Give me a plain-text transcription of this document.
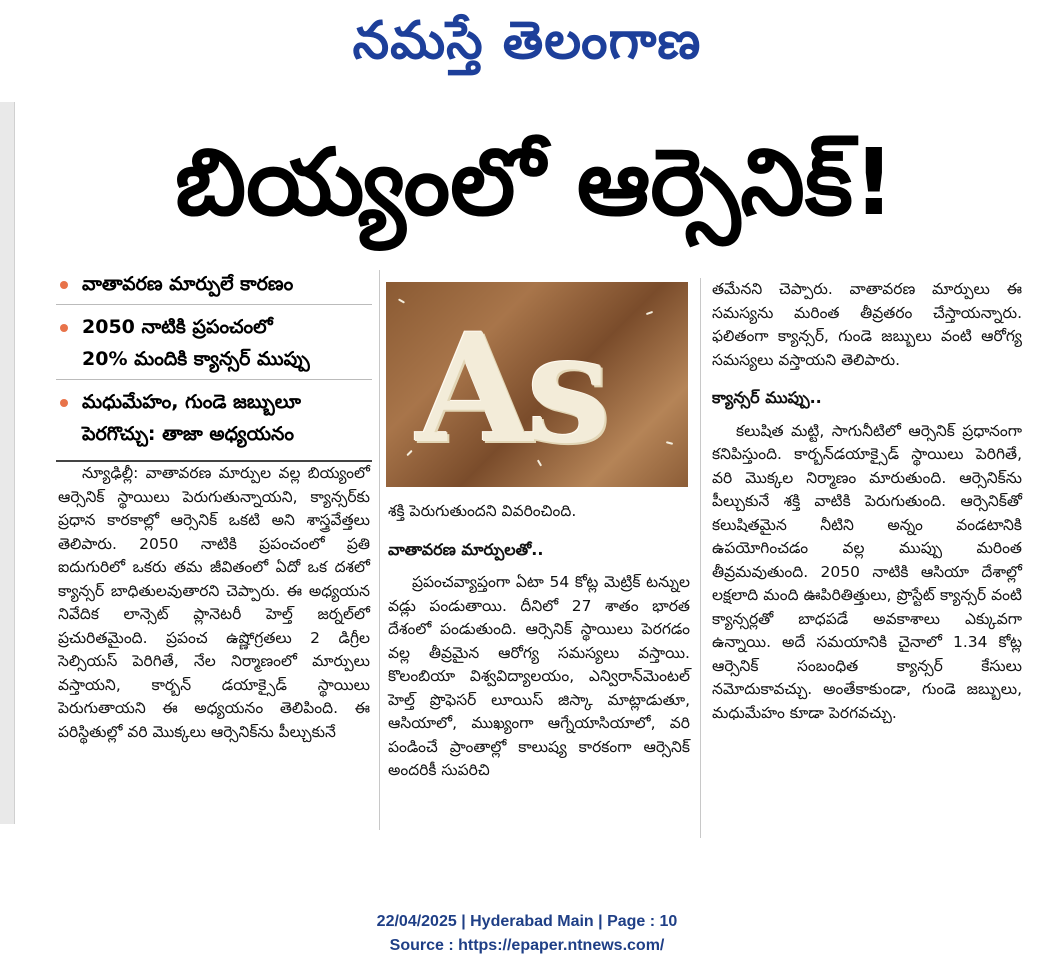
నమస్తే తెలంగాణ
బియ్యంలో ఆర్సెనిక్‌!
వాతావరణ మార్పులే కారణం
2050 నాటికి ప్రపంచంలో
20% మందికి క్యాన్సర్‌ ముప్పు
మధుమేహం, గుండె జబ్బులూ
పెరగొచ్చు: తాజా అధ్యయనం
న్యూఢిల్లీ: వాతావరణ మార్పుల వల్ల బియ్యంలో ఆర్సెనిక్‌ స్థాయిలు పెరుగుతున్నాయని, క్యాన్సర్‌కు ప్రధాన కారకాల్లో ఆర్సెనిక్‌ ఒకటి అని శాస్త్రవేత్తలు తెలిపారు. 2050 నాటికి ప్రపంచంలో ప్రతి ఐదుగురిలో ఒకరు తమ జీవితంలో ఏదో ఒక దశలో క్యాన్సర్‌ బాధితులవుతారని చెప్పారు. ఈ అధ్యయన నివేదిక లాన్సెట్‌ ప్లానెటరీ హెల్త్‌ జర్నల్‌లో ప్రచురితమైంది. ప్రపంచ ఉష్ణోగ్రతలు 2 డిగ్రీల సెల్సియస్‌ పెరిగితే, నేల నిర్మాణంలో మార్పులు వస్తాయని, కార్బన్‌ డయాక్సైడ్‌ స్థాయిలు పెరుగుతాయని ఈ అధ్యయనం తెలిపింది. ఈ పరిస్థితుల్లో వరి మొక్కలు ఆర్సెనిక్‌ను పీల్చుకునే
As
శక్తి పెరుగుతుందని వివరించింది.
వాతావరణ మార్పులతో..
ప్రపంచవ్యాప్తంగా ఏటా 54 కోట్ల మెట్రిక్‌ టన్నుల వడ్లు పండుతాయి. దీనిలో 27 శాతం భారత దేశంలో పండుతుంది. ఆర్సెనిక్‌ స్థాయిలు పెరగడం వల్ల తీవ్రమైన ఆరోగ్య సమస్యలు వస్తాయి. కొలంబియా విశ్వవిద్యాలయం, ఎన్విరాన్‌మెంటల్‌ హెల్త్‌ ప్రొఫెసర్‌ లూయిస్‌ జిస్కా మాట్లాడుతూ, ఆసియాలో, ముఖ్యంగా ఆగ్నేయాసియాలో, వరి పండించే ప్రాంతాల్లో కాలుష్య కారకంగా ఆర్సెనిక్‌ అందరికీ సుపరిచి
తమేనని చెప్పారు. వాతావరణ మార్పులు ఈ సమస్యను మరింత తీవ్రతరం చేస్తాయన్నారు. ఫలితంగా క్యాన్సర్‌, గుండె జబ్బులు వంటి ఆరోగ్య సమస్యలు వస్తాయని తెలిపారు.
క్యాన్సర్‌ ముప్పు..
కలుషిత మట్టి, సాగునీటిలో ఆర్సెనిక్‌ ప్రధానంగా కనిపిస్తుంది. కార్బన్‌డయాక్సైడ్‌ స్థాయిలు పెరిగితే, వరి మొక్కల నిర్మాణం మారుతుంది. ఆర్సెనిక్‌ను పీల్చుకునే శక్తి వాటికి పెరుగుతుంది. ఆర్సెనిక్‌తో కలుషితమైన నీటిని అన్నం వండటానికి ఉపయోగించడం వల్ల ముప్పు మరింత తీవ్రమవుతుంది. 2050 నాటికి ఆసియా దేశాల్లో లక్షలాది మంది ఊపిరితిత్తులు, ప్రొస్టేట్‌ క్యాన్సర్‌ వంటి క్యాన్సర్లతో బాధపడే అవకాశాలు ఎక్కువగా ఉన్నాయి. అదే సమయానికి చైనాలో 1.34 కోట్ల ఆర్సెనిక్‌ సంబంధిత క్యాన్సర్‌ కేసులు నమోదుకావచ్చు. అంతేకాకుండా, గుండె జబ్బులు, మధుమేహం కూడా పెరగవచ్చు.
22/04/2025 | Hyderabad Main | Page : 10
Source : https://epaper.ntnews.com/
